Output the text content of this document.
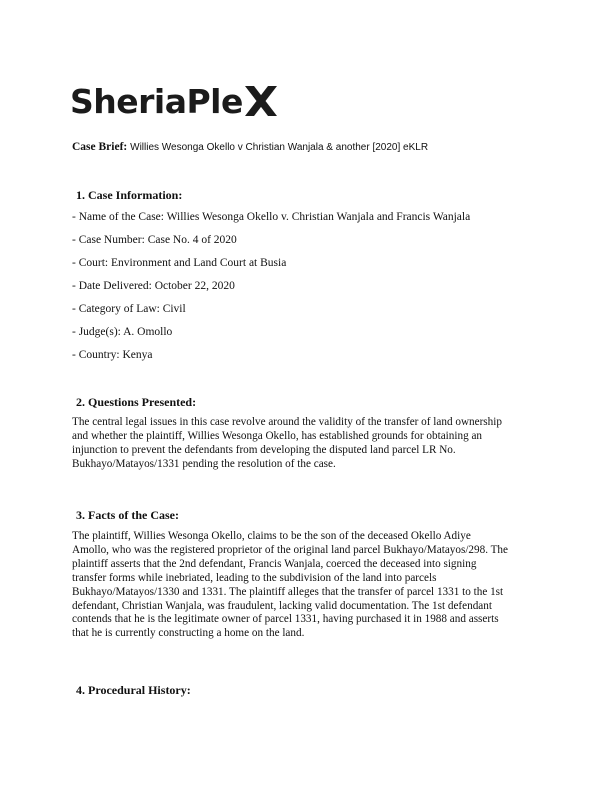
SheriaPle
Case Brief: Willies Wesonga Okello v Christian Wanjala & another [2020] eKLR
1. Case Information:
- Name of the Case: Willies Wesonga Okello v. Christian Wanjala and Francis Wanjala
- Case Number: Case No. 4 of 2020
- Court: Environment and Land Court at Busia
- Date Delivered: October 22, 2020
- Category of Law: Civil
- Judge(s): A. Omollo
- Country: Kenya
2. Questions Presented:
The central legal issues in this case revolve around the validity of the transfer of land ownership
and whether the plaintiff, Willies Wesonga Okello, has established grounds for obtaining an
injunction to prevent the defendants from developing the disputed land parcel LR No.
Bukhayo/Matayos/1331 pending the resolution of the case.
3. Facts of the Case:
The plaintiff, Willies Wesonga Okello, claims to be the son of the deceased Okello Adiye
Amollo, who was the registered proprietor of the original land parcel Bukhayo/Matayos/298. The
plaintiff asserts that the 2nd defendant, Francis Wanjala, coerced the deceased into signing
transfer forms while inebriated, leading to the subdivision of the land into parcels
Bukhayo/Matayos/1330 and 1331. The plaintiff alleges that the transfer of parcel 1331 to the 1st
defendant, Christian Wanjala, was fraudulent, lacking valid documentation. The 1st defendant
contends that he is the legitimate owner of parcel 1331, having purchased it in 1988 and asserts
that he is currently constructing a home on the land.
4. Procedural History:
